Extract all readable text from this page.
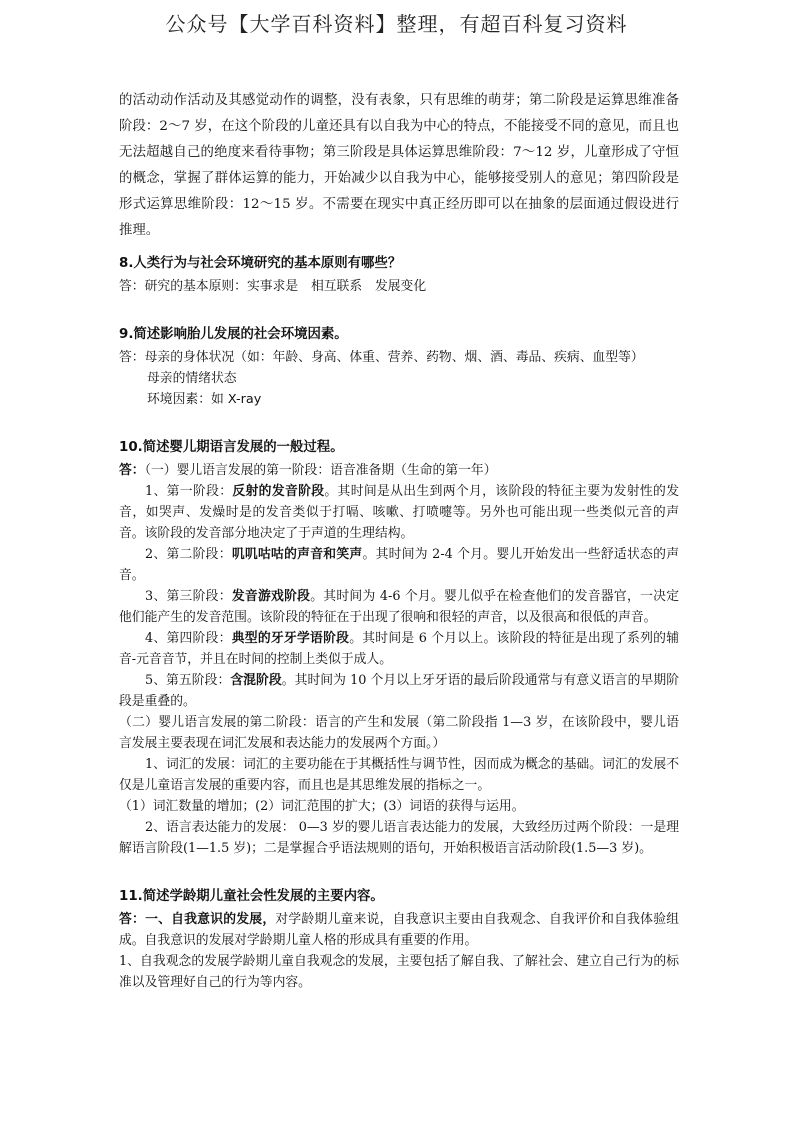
公众号【大学百科资料】整理，有超百科复习资料

的活动动作活动及其感觉动作的调整，没有表象，只有思维的萌芽；第二阶段是运算思维准备阶段：2～7 岁，在这个阶段的儿童还具有以自我为中心的特点，不能接受不同的意见，而且也无法超越自己的绝度来看待事物；第三阶段是具体运算思维阶段：7～12 岁，儿童形成了守恒的概念，掌握了群体运算的能力，开始减少以自我为中心，能够接受别人的意见；第四阶段是形式运算思维阶段：12～15 岁。不需要在现实中真正经历即可以在抽象的层面通过假设进行推理。

8.人类行为与社会环境研究的基本原则有哪些？

答：研究的基本原则：实事求是　相互联系　发展变化

9.简述影响胎儿发展的社会环境因素。

答：母亲的身体状况（如：年龄、身高、体重、营养、药物、烟、酒、毒品、疾病、血型等）

母亲的情绪状态

环境因素：如 X-ray

10.简述婴儿期语言发展的一般过程。

答：（一）婴儿语言发展的第一阶段：语音准备期（生命的第一年）

1、第一阶段：反射的发音阶段。其时间是从出生到两个月，该阶段的特征主要为发射性的发音，如哭声、发燥时是的发音类似于打嗝、咳嗽、打喷嚏等。另外也可能出现一些类似元音的声音。该阶段的发音部分地决定了于声道的生理结构。

2、第二阶段：叽叽咕咕的声音和笑声。其时间为 2-4 个月。婴儿开始发出一些舒适状态的声音。

3、第三阶段：发音游戏阶段。其时间为 4-6 个月。婴儿似乎在检查他们的发音器官，一决定他们能产生的发音范围。该阶段的特征在于出现了很响和很轻的声音，以及很高和很低的声音。

4、第四阶段：典型的牙牙学语阶段。其时间是 6 个月以上。该阶段的特征是出现了系列的辅音-元音音节，并且在时间的控制上类似于成人。

5、第五阶段：含混阶段。其时间为 10 个月以上牙牙语的最后阶段通常与有意义语言的早期阶段是重叠的。

（二）婴儿语言发展的第二阶段：语言的产生和发展（第二阶段指 1—3 岁，在该阶段中，婴儿语言发展主要表现在词汇发展和表达能力的发展两个方面。）

1、词汇的发展：词汇的主要功能在于其概括性与调节性，因而成为概念的基础。词汇的发展不仅是儿童语言发展的重要内容，而且也是其思维发展的指标之一。

（1）词汇数量的增加；(2）词汇范围的扩大；(3）词语的获得与运用。

2、语言表达能力的发展： 0—3 岁的婴儿语言表达能力的发展，大致经历过两个阶段：一是理解语言阶段(1—1.5 岁)；二是掌握合乎语法规则的语句，开始积极语言活动阶段(1.5—3 岁)。

11.简述学龄期儿童社会性发展的主要内容。

答：一、自我意识的发展，对学龄期儿童来说，自我意识主要由自我观念、自我评价和自我体验组成。自我意识的发展对学龄期儿童人格的形成具有重要的作用。

1、自我观念的发展学龄期儿童自我观念的发展，主要包括了解自我、了解社会、建立自己行为的标准以及管理好自己的行为等内容。
